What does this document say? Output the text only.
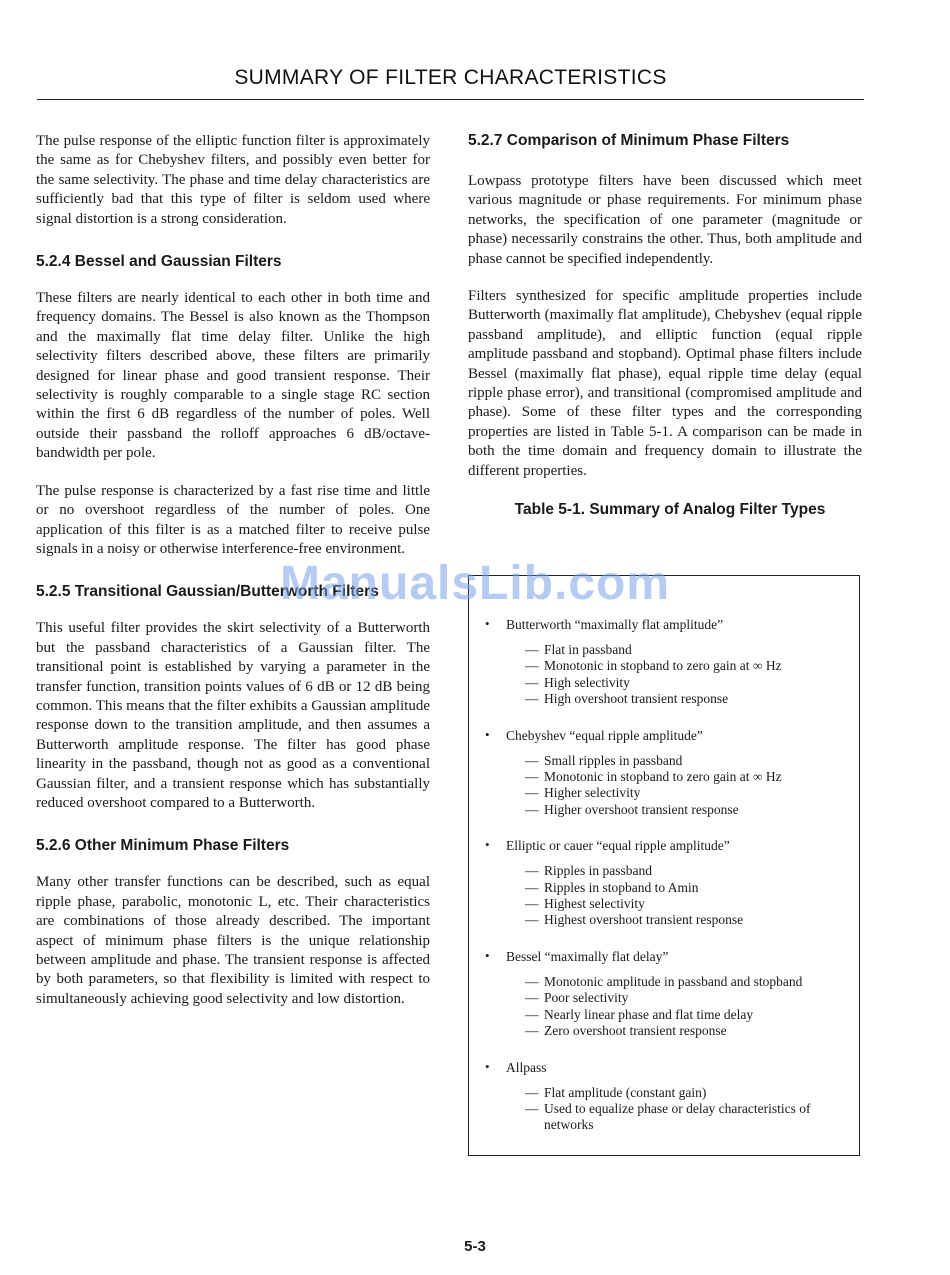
SUMMARY OF FILTER CHARACTERISTICS

The pulse response of the elliptic function filter is approximately the same as for Chebyshev filters, and possibly even better for the same selectivity. The phase and time delay characteristics are sufficiently bad that this type of filter is seldom used where signal distortion is a strong consideration.

5.2.4 Bessel and Gaussian Filters

These filters are nearly identical to each other in both time and frequency domains. The Bessel is also known as the Thompson and the maximally flat time delay filter. Unlike the high selectivity filters described above, these filters are primarily designed for linear phase and good transient response. Their selectivity is roughly comparable to a single stage RC section within the first 6 dB regardless of the number of poles. Well outside their passband the rolloff approaches 6 dB/octave-bandwidth per pole.

The pulse response is characterized by a fast rise time and little or no overshoot regardless of the number of poles. One application of this filter is as a matched filter to receive pulse signals in a noisy or otherwise interference-free environment.

5.2.5 Transitional Gaussian/Butterworth Filters

This useful filter provides the skirt selectivity of a Butterworth but the passband characteristics of a Gaussian filter. The transitional point is established by varying a parameter in the transfer function, transition points values of 6 dB or 12 dB being common. This means that the filter exhibits a Gaussian amplitude response down to the transition amplitude, and then assumes a Butterworth amplitude response. The filter has good phase linearity in the passband, though not as good as a conventional Gaussian filter, and a transient response which has substantially reduced overshoot compared to a Butterworth.

5.2.6 Other Minimum Phase Filters

Many other transfer functions can be described, such as equal ripple phase, parabolic, monotonic L, etc. Their characteristics are combinations of those already described. The important aspect of minimum phase filters is the unique relationship between amplitude and phase. The transient response is affected by both parameters, so that flexibility is limited with respect to simultaneously achieving good selectivity and low distortion.

5.2.7 Comparison of Minimum Phase Filters

Lowpass prototype filters have been discussed which meet various magnitude or phase requirements. For minimum phase networks, the specification of one parameter (magnitude or phase) necessarily constrains the other. Thus, both amplitude and phase cannot be specified independently.

Filters synthesized for specific amplitude properties include Butterworth (maximally flat amplitude), Chebyshev (equal ripple passband amplitude), and elliptic function (equal ripple amplitude passband and stopband). Optimal phase filters include Bessel (maximally flat phase), equal ripple time delay (equal ripple phase error), and transitional (compromised amplitude and phase). Some of these filter types and the corresponding properties are listed in Table 5-1. A comparison can be made in both the time domain and frequency domain to illustrate the different properties.

Table 5-1. Summary of Analog Filter Types

• Butterworth “maximally flat amplitude”
— Flat in passband
— Monotonic in stopband to zero gain at ∞ Hz
— High selectivity
— High overshoot transient response
• Chebyshev “equal ripple amplitude”
— Small ripples in passband
— Monotonic in stopband to zero gain at ∞ Hz
— Higher selectivity
— Higher overshoot transient response
• Elliptic or cauer “equal ripple amplitude”
— Ripples in passband
— Ripples in stopband to Amin
— Highest selectivity
— Highest overshoot transient response
• Bessel “maximally flat delay”
— Monotonic amplitude in passband and stopband
— Poor selectivity
— Nearly linear phase and flat time delay
— Zero overshoot transient response
• Allpass
— Flat amplitude (constant gain)
— Used to equalize phase or delay characteristics of networks
ManualsLib.com
5-3
